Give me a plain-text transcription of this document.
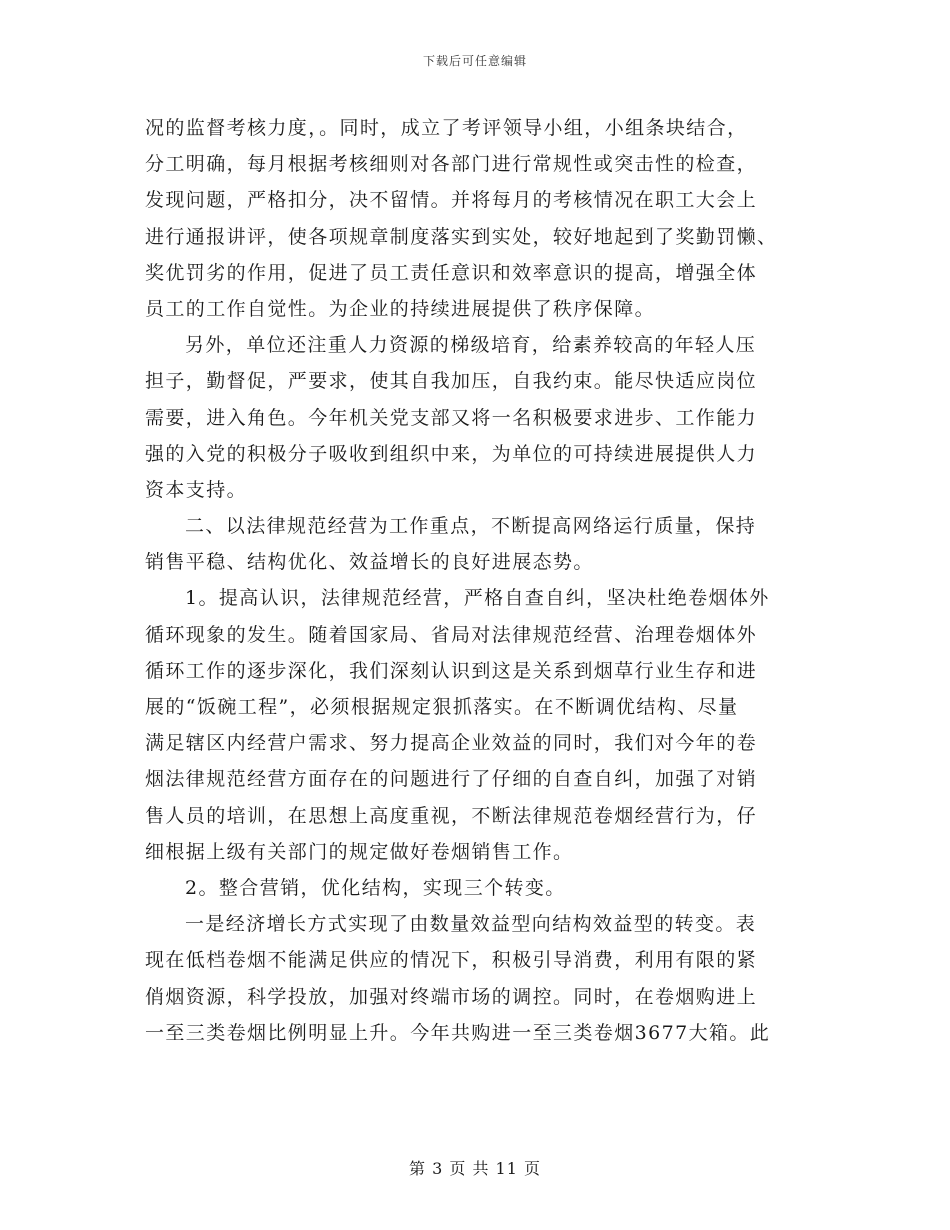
下载后可任意编辑
况的监督考核力度，。同时，成立了考评领导小组，小组条块结合，
分工明确，每月根据考核细则对各部门进行常规性或突击性的检查，
发现问题，严格扣分，决不留情。并将每月的考核情况在职工大会上
进行通报讲评，使各项规章制度落实到实处，较好地起到了奖勤罚懒、
奖优罚劣的作用，促进了员工责任意识和效率意识的提高，增强全体
员工的工作自觉性。为企业的持续进展提供了秩序保障。
另外，单位还注重人力资源的梯级培育，给素养较高的年轻人压
担子，勤督促，严要求，使其自我加压，自我约束。能尽快适应岗位
需要，进入角色。今年机关党支部又将一名积极要求进步、工作能力
强的入党的积极分子吸收到组织中来，为单位的可持续进展提供人力
资本支持。
二、以法律规范经营为工作重点，不断提高网络运行质量，保持
销售平稳、结构优化、效益增长的良好进展态势。
1。提高认识，法律规范经营，严格自查自纠，坚决杜绝卷烟体外
循环现象的发生。随着国家局、省局对法律规范经营、治理卷烟体外
循环工作的逐步深化，我们深刻认识到这是关系到烟草行业生存和进
展的“饭碗工程”，必须根据规定狠抓落实。在不断调优结构、尽量
满足辖区内经营户需求、努力提高企业效益的同时，我们对今年的卷
烟法律规范经营方面存在的问题进行了仔细的自查自纠，加强了对销
售人员的培训，在思想上高度重视，不断法律规范卷烟经营行为，仔
细根据上级有关部门的规定做好卷烟销售工作。
2。整合营销，优化结构，实现三个转变。
一是经济增长方式实现了由数量效益型向结构效益型的转变。表
现在低档卷烟不能满足供应的情况下，积极引导消费，利用有限的紧
俏烟资源，科学投放，加强对终端市场的调控。同时，在卷烟购进上
一至三类卷烟比例明显上升。今年共购进一至三类卷烟3677大箱。此
第 3 页 共 11 页
